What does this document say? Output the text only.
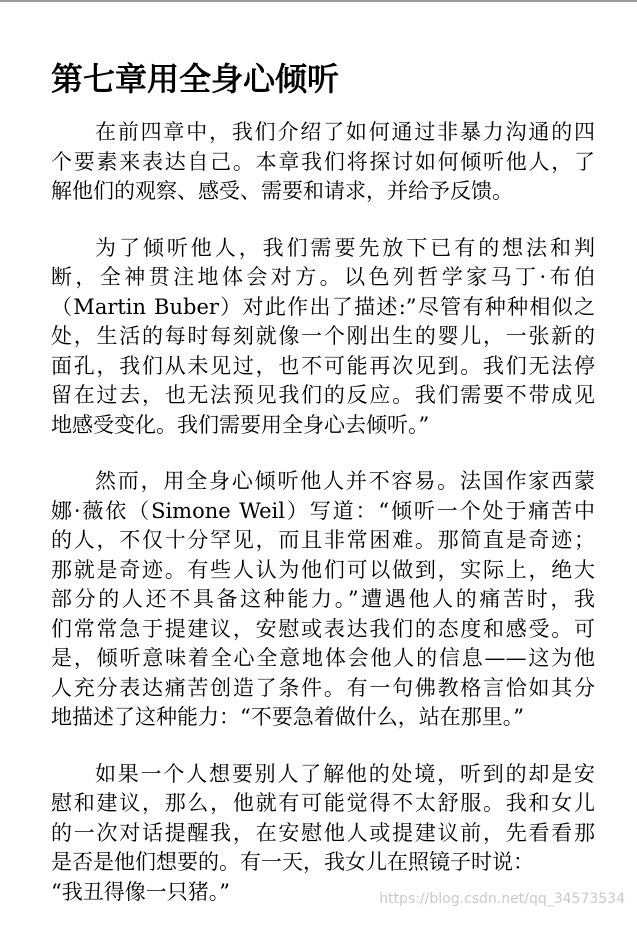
第七章用全身心倾听

在前四章中，我们介绍了如何通过非暴力沟通的四
个要素来表达自己。本章我们将探讨如何倾听他人，了
解他们的观察、感受、需要和请求，并给予反馈。

为了倾听他人，我们需要先放下已有的想法和判
断，全神贯注地体会对方。以色列哲学家马丁·布伯
（Martin Buber）对此作出了描述:”尽管有种种相似之
处，生活的每时每刻就像一个刚出生的婴儿，一张新的
面孔，我们从未见过，也不可能再次见到。我们无法停
留在过去，也无法预见我们的反应。我们需要不带成见
地感受变化。我们需要用全身心去倾听。”

然而，用全身心倾听他人并不容易。法国作家西蒙
娜·薇依（Simone Weil）写道：“倾听一个处于痛苦中
的人，不仅十分罕见，而且非常困难。那简直是奇迹；
那就是奇迹。有些人认为他们可以做到，实际上，绝大
部分的人还不具备这种能力。”遭遇他人的痛苦时，我
们常常急于提建议，安慰或表达我们的态度和感受。可
是，倾听意味着全心全意地体会他人的信息——这为他
人充分表达痛苦创造了条件。有一句佛教格言恰如其分
地描述了这种能力：“不要急着做什么，站在那里。”

如果一个人想要别人了解他的处境，听到的却是安
慰和建议，那么，他就有可能觉得不太舒服。我和女儿
的一次对话提醒我，在安慰他人或提建议前，先看看那
是否是他们想要的。有一天，我女儿在照镜子时说：
“我丑得像一只猪。”	https://blog.csdn.net/qq_34573534
